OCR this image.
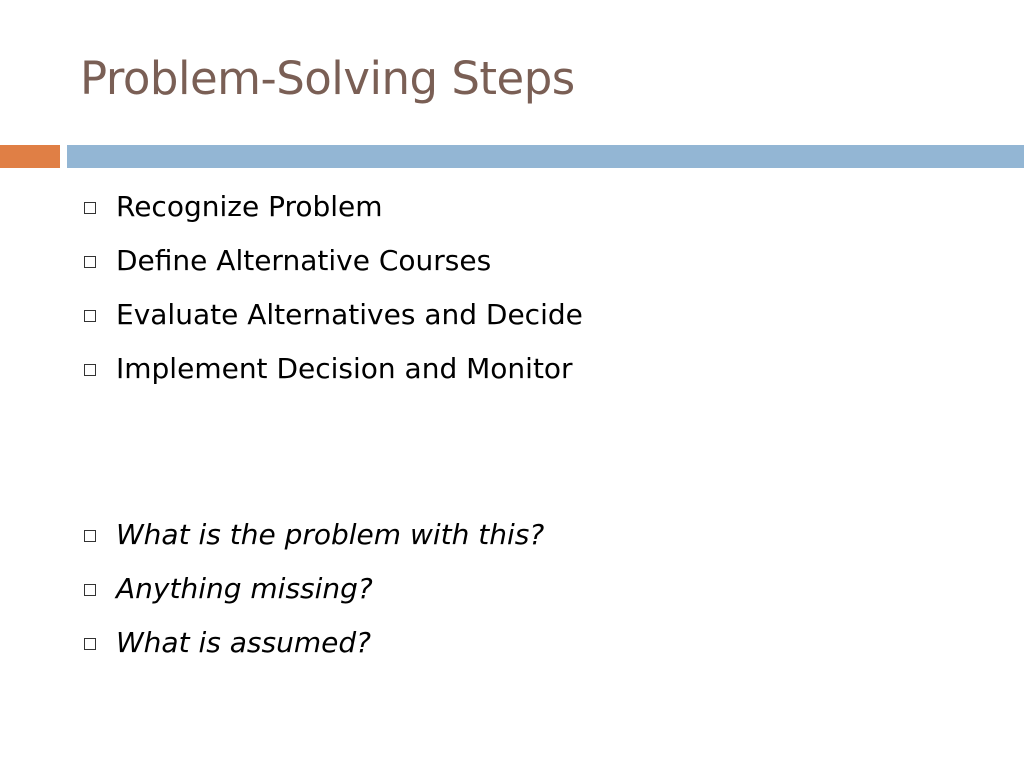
Problem-Solving Steps
Recognize Problem
Define Alternative Courses
Evaluate Alternatives and Decide
Implement Decision and Monitor
What is the problem with this?
Anything missing?
What is assumed?
